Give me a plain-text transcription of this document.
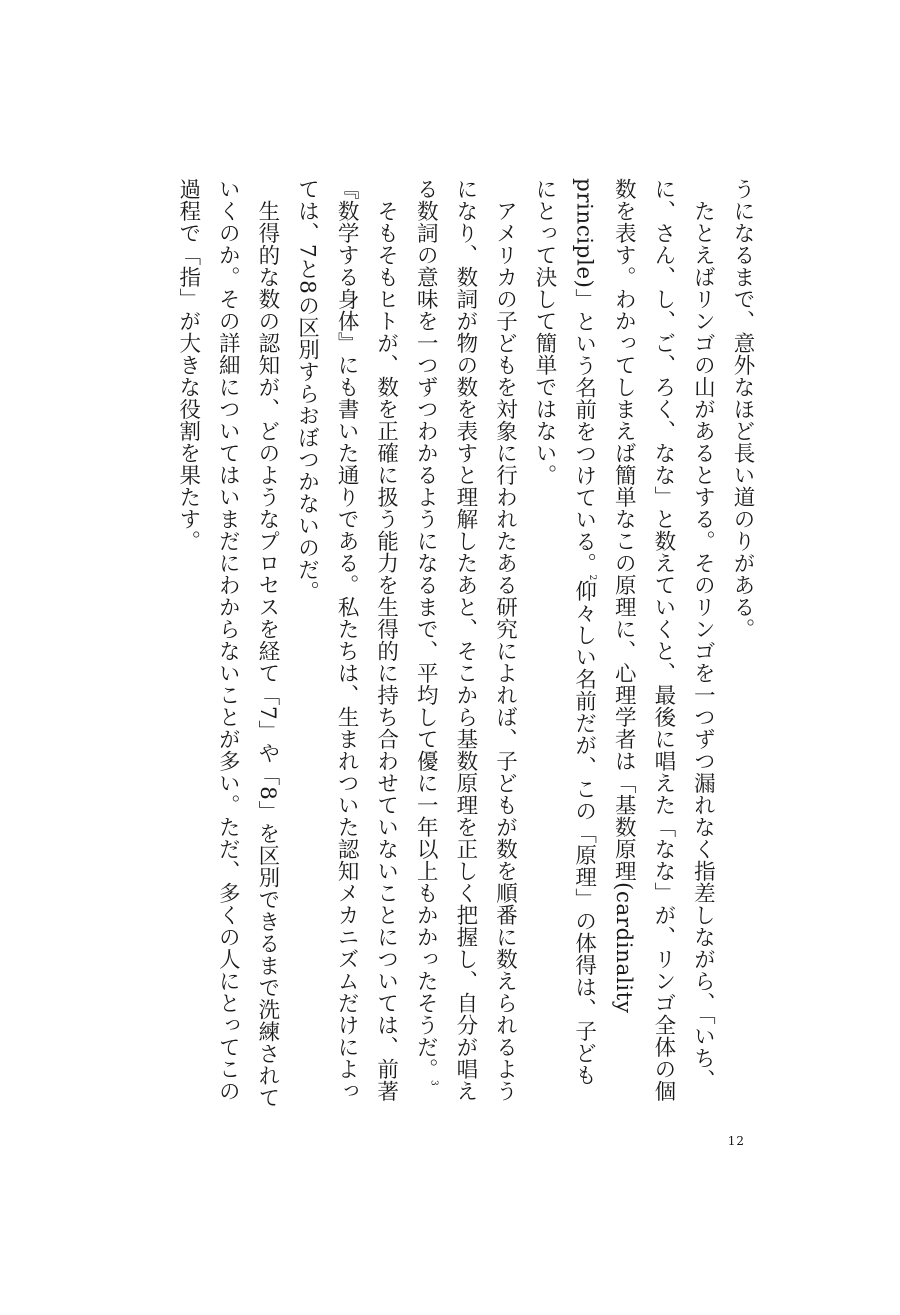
うになるまで、意外なほど長い道のりがある。

たとえばリンゴの山があるとする。そのリンゴを一つずつ漏れなく指差しながら、「いち、に、さん、し、ご、ろく、なな」と数えていくと、最後に唱えた「なな」が、リンゴ全体の個数を表す。わかってしまえば簡単なこの原理に、心理学者は「基数原理(cardinality principle)」という名前をつけている。$^2$仰々しい名前だが、この「原理」の体得は、子どもにとって決して簡単ではない。

アメリカの子どもを対象に行われたある研究によれば、子どもが数を順番に数えられるようになり、数詞が物の数を表すと理解したあと、そこから基数原理を正しく把握し、自分が唱える数詞の意味を一つずつわかるようになるまで、平均して優に一年以上もかかったそうだ。$^3$

そもそもヒトが、数を正確に扱う能力を生得的に持ち合わせていないことについては、前著『数学する身体』にも書いた通りである。私たちは、生まれついた認知メカニズムだけによっては、7と8の区別すらおぼつかないのだ。

生得的な数の認知が、どのようなプロセスを経て「7」や「8」を区別できるまで洗練されていくのか。その詳細についてはいまだにわからないことが多い。ただ、多くの人にとってこの過程で「指」が大きな役割を果たす。

12
